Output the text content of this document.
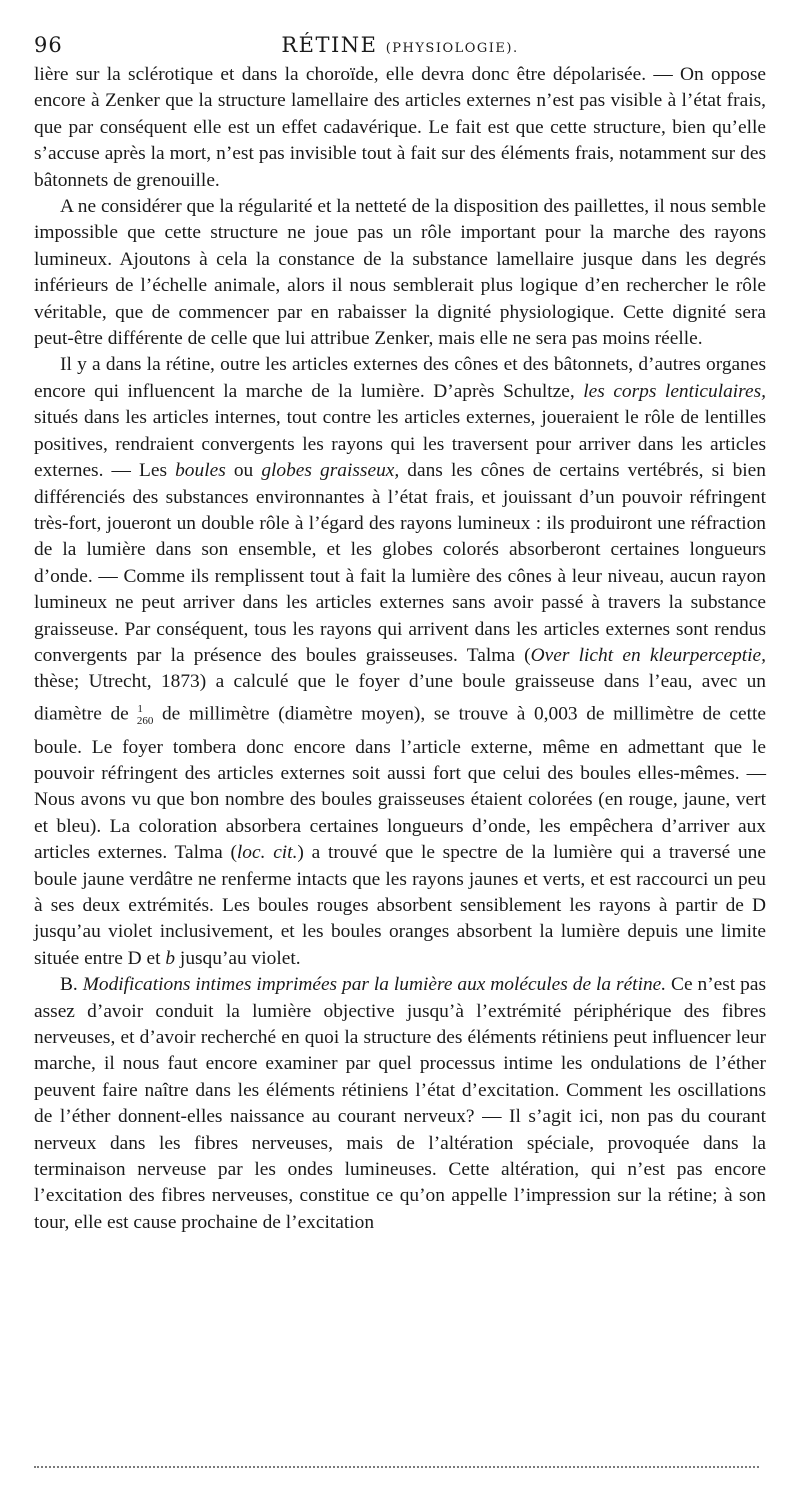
96	RÉTINE (PHYSIOLOGIE).

lière sur la sclérotique et dans la choroïde, elle devra donc être dépolarisée. — On oppose encore à Zenker que la structure lamellaire des articles externes n’est pas visible à l’état frais, que par conséquent elle est un effet cadavérique. Le fait est que cette structure, bien qu’elle s’accuse après la mort, n’est pas invisible tout à fait sur des éléments frais, notamment sur des bâtonnets de grenouille.

A ne considérer que la régularité et la netteté de la disposition des paillettes, il nous semble impossible que cette structure ne joue pas un rôle important pour la marche des rayons lumineux. Ajoutons à cela la constance de la substance lamellaire jusque dans les degrés inférieurs de l’échelle animale, alors il nous semblerait plus logique d’en rechercher le rôle véritable, que de commencer par en rabaisser la dignité physiologique. Cette dignité sera peut-être différente de celle que lui attribue Zenker, mais elle ne sera pas moins réelle.

Il y a dans la rétine, outre les articles externes des cônes et des bâtonnets, d’autres organes encore qui influencent la marche de la lumière. D’après Schultze, les corps lenticulaires, situés dans les articles internes, tout contre les articles externes, joueraient le rôle de lentilles positives, rendraient convergents les rayons qui les traversent pour arriver dans les articles externes. — Les boules ou globes graisseux, dans les cônes de certains vertébrés, si bien différenciés des substances environnantes à l’état frais, et jouissant d’un pouvoir réfringent très-fort, joueront un double rôle à l’égard des rayons lumineux : ils produiront une réfraction de la lumière dans son ensemble, et les globes colorés absorberont certaines longueurs d’onde. — Comme ils remplissent tout à fait la lumière des cônes à leur niveau, aucun rayon lumineux ne peut arriver dans les articles externes sans avoir passé à travers la substance graisseuse. Par conséquent, tous les rayons qui arrivent dans les articles externes sont rendus convergents par la présence des boules graisseuses. Talma (Over licht en kleurperceptie, thèse; Utrecht, 1873) a calculé que le foyer d’une boule graisseuse dans l’eau, avec un diamètre de $^1_{260}$ de millimètre (diamètre moyen), se trouve à 0,003 de millimètre de cette boule. Le foyer tombera donc encore dans l’article externe, même en admettant que le pouvoir réfringent des articles externes soit aussi fort que celui des boules elles-mêmes. — Nous avons vu que bon nombre des boules graisseuses étaient colorées (en rouge, jaune, vert et bleu). La coloration absorbera certaines longueurs d’onde, les empêchera d’arriver aux articles externes. Talma (loc. cit.) a trouvé que le spectre de la lumière qui a traversé une boule jaune verdâtre ne renferme intacts que les rayons jaunes et verts, et est raccourci un peu à ses deux extrémités. Les boules rouges absorbent sensiblement les rayons à partir de D jusqu’au violet inclusivement, et les boules oranges absorbent la lumière depuis une limite située entre D et b jusqu’au violet.

B. Modifications intimes imprimées par la lumière aux molécules de la rétine. Ce n’est pas assez d’avoir conduit la lumière objective jusqu’à l’extrémité périphérique des fibres nerveuses, et d’avoir recherché en quoi la structure des éléments rétiniens peut influencer leur marche, il nous faut encore examiner par quel processus intime les ondulations de l’éther peuvent faire naître dans les éléments rétiniens l’état d’excitation. Comment les oscillations de l’éther donnent-elles naissance au courant nerveux? — Il s’agit ici, non pas du courant nerveux dans les fibres nerveuses, mais de l’altération spéciale, provoquée dans la terminaison nerveuse par les ondes lumineuses. Cette altération, qui n’est pas encore l’excitation des fibres nerveuses, constitue ce qu’on appelle l’impression sur la rétine; à son tour, elle est cause prochaine de l’excitation
